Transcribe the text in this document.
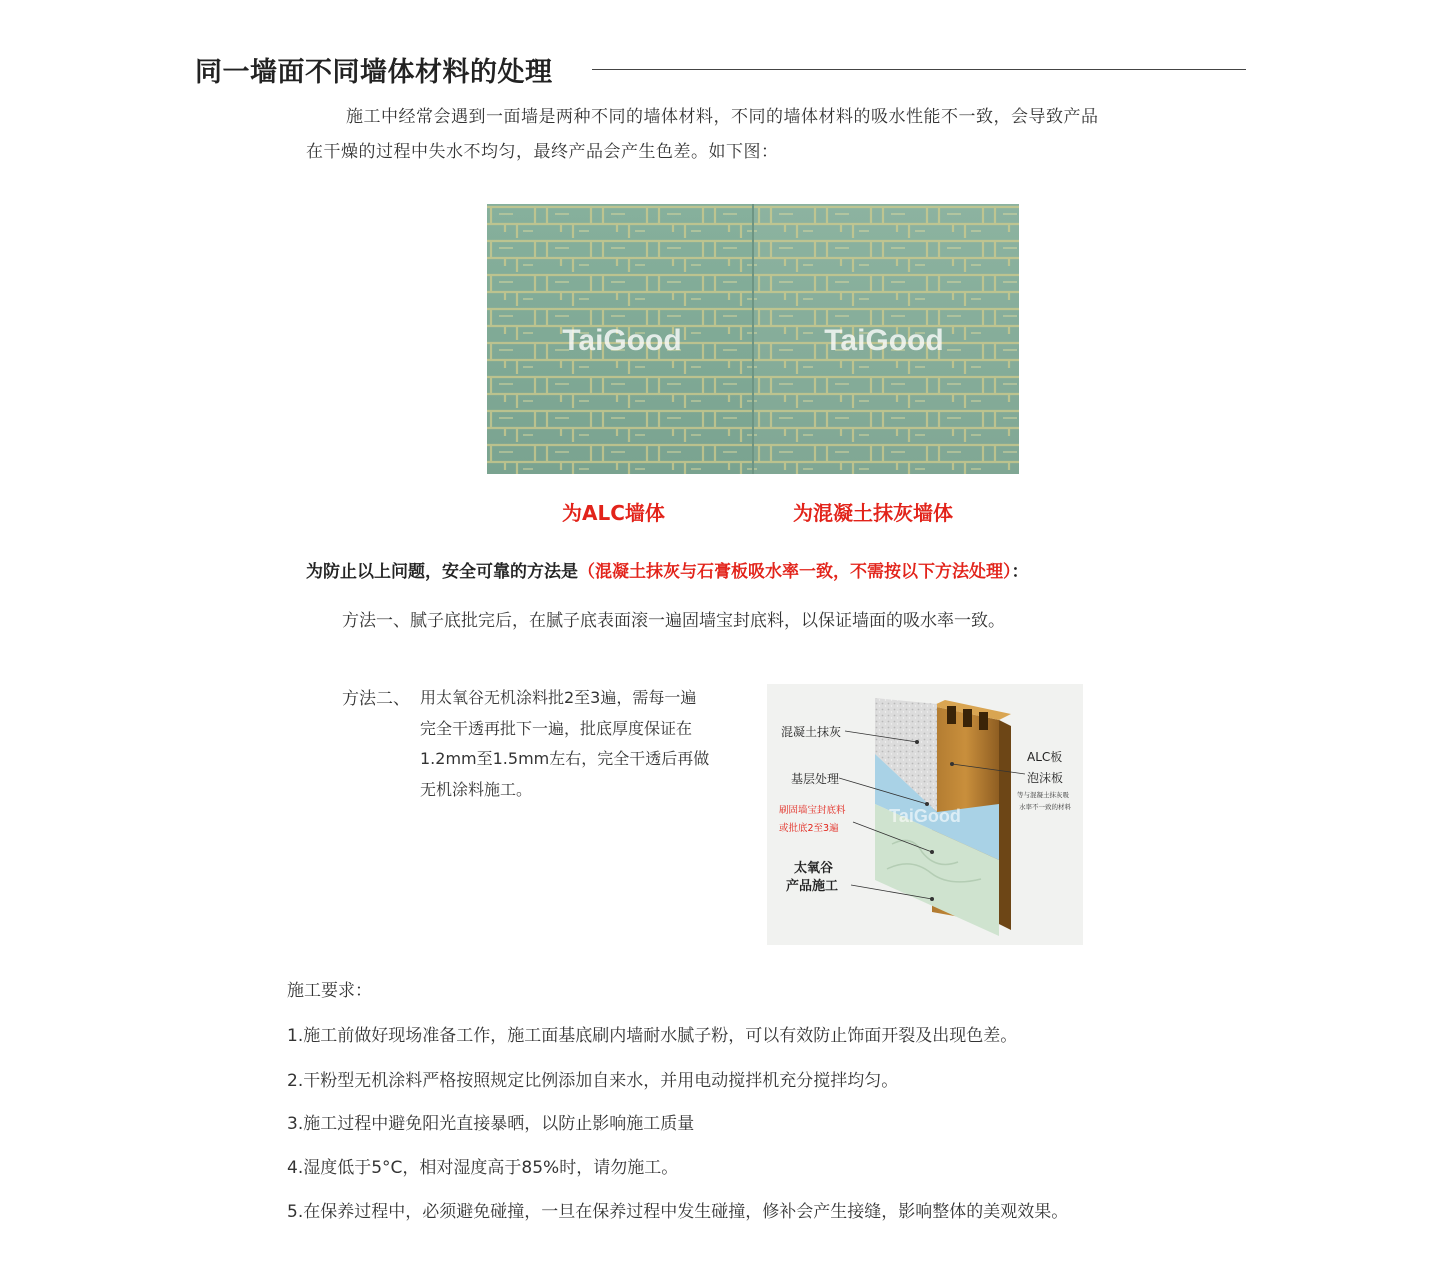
同一墙面不同墙体材料的处理
施工中经常会遇到一面墙是两种不同的墙体材料，不同的墙体材料的吸水性能不一致，会导致产品
在干燥的过程中失水不均匀，最终产品会产生色差。如下图：
TaiGood	TaiGood
为ALC墙体	为混凝土抹灰墙体
为防止以上问题，安全可靠的方法是（混凝土抹灰与石膏板吸水率一致，不需按以下方法处理）：
方法一、腻子底批完后，在腻子底表面滚一遍固墙宝封底料，以保证墙面的吸水率一致。
方法二、 用太氧谷无机涂料批2至3遍，需每一遍
完全干透再批下一遍，批底厚度保证在
1.2mm至1.5mm左右，完全干透后再做
无机涂料施工。
混凝土抹灰
基层处理
刷固墙宝封底料
或批底2至3遍
太氧谷
产品施工
ALC板
泡沫板
等与混凝土抹灰吸
水率不一致的材料
TaiGood
施工要求：
1.施工前做好现场准备工作，施工面基底刷内墙耐水腻子粉，可以有效防止饰面开裂及出现色差。
2.干粉型无机涂料严格按照规定比例添加自来水，并用电动搅拌机充分搅拌均匀。
3.施工过程中避免阳光直接暴晒，以防止影响施工质量
4.湿度低于5°C，相对湿度高于85%时，请勿施工。
5.在保养过程中，必须避免碰撞，一旦在保养过程中发生碰撞，修补会产生接缝，影响整体的美观效果。
